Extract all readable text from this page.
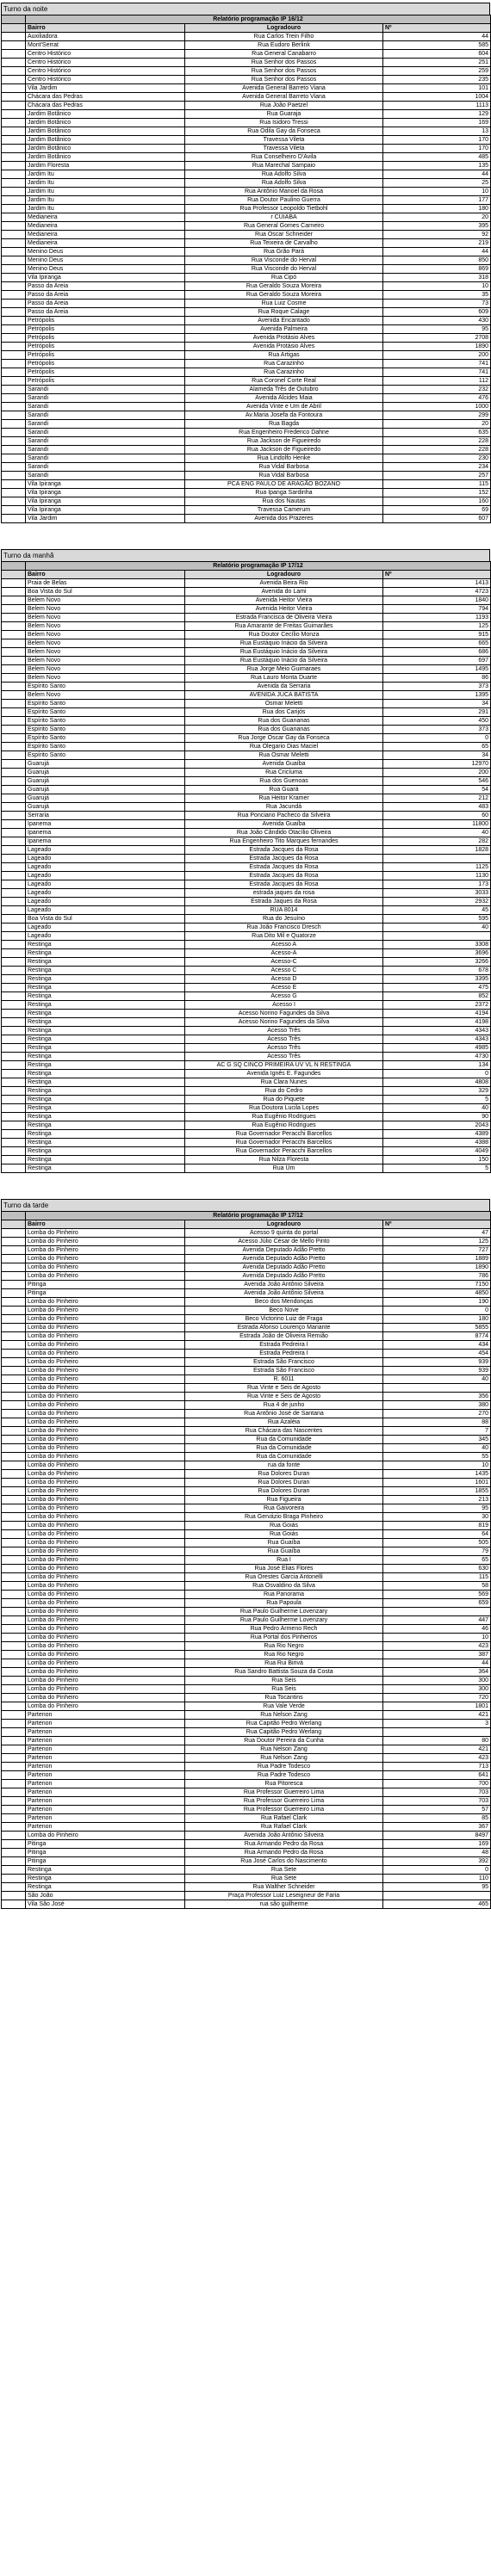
Turno da noite
	Relatório programação IP 16/12		
	Bairro	Logradouro	Nº
	Auxiliadora	Rua Carlos Trein Filho	44
	Mont'Serrat	Rua Eudoro Berlink	585
	Centro Histórico	Rua General Canabarro	604
	Centro Histórico	Rua Senhor dos Passos	251
	Centro Histórico	Rua Senhor dos Passos	259
	Centro Histórico	Rua Senhor dos Passos	235
	Vila Jardim	Avenida General Barreto Viana	101
	Chácara das Pedras	Avenida General Barreto Viana	1004
	Chácara das Pedras	Rua João Paetzel	1113
	Jardim Botânico	Rua Guaraja	129
	Jardim Botânico	Rua Isidoro Tressi	169
	Jardim Botânico	Rua Odila Gay da Fonseca	13
	Jardim Botânico	Travessa Vileta	170
	Jardim Botânico	Travessa Vileta	170
	Jardim Botânico	Rua Conselheiro D'Avila	485
	Jardim Floresta	Rua Marechal Sampaio	135
	Jardim Itu	Rua Adolfo Silva	44
	Jardim Itu	Rua Adolfo Silva	25
	Jardim Itu	Rua Antônio Manoel da Rosa	10
	Jardim Itu	Rua Doutor Paulino Guerra	177
	Jardim Itu	Rua Professor Leopoldo Tietbohl	180
	Medianeira	r CUIABA	20
	Medianeira	Rua General Gomes Carneiro	395
	Medianeira	Rua Oscar Schneider	92
	Medianeira	Rua Teixeira de Carvalho	219
	Menino Deus	Rua Grão Pará	44
	Menino Deus	Rua Visconde do Herval	850
	Menino Deus	Rua Visconde do Herval	869
	Vila Ipiranga	Rua Cipó	318
	Passo da Areia	Rua Geraldo Souza Moreira	10
	Passo da Areia	Rua Geraldo Souza Moreira	35
	Passo da Areia	Rua Luiz Cosme	73
	Passo da Areia	Rua Roque Calage	609
	Petrópolis	Avenida Encantado	430
	Petrópolis	Avenida Palmeira	95
	Petrópolis	Avenida Protásio Alves	2708
	Petrópolis	Avenida Protásio Alves	1890
	Petrópolis	Rua Artigas	200
	Petrópolis	Rua Carazinho	741
	Petrópolis	Rua Carazinho	741
	Petrópolis	Rua Coronel Corte Real	112
	Sarandi	Alameda Três de Outubro	232
	Sarandi	Avenida Alcides Maia	476
	Sarandi	Avenida Vinte e Um de Abril	1000
	Sarandi	Av.Maria Josefa da Fontoura	299
	Sarandi	Rua Bagda	20
	Sarandi	Rua Engenheiro Frederico Dahne	635
	Sarandi	Rua Jackson de Figueiredo	228
	Sarandi	Rua Jackson de Figueiredo	228
	Sarandi	Rua Lindolfo Henke	230
	Sarandi	Rua Vidal Barbosa	234
	Sarandi	Rua Vidal Barbosa	257
	Vila Ipiranga	PCA ENG PAULO DE ARAGÃO BOZANO	115
	Vila Ipiranga	Rua Ipanga Sardinha	152
	Vila Ipiranga	Rua dos Nautas	160
	Vila Ipiranga	Travessa Camerum	69
	Vila Jardim	Avenida dos Prazeres	607
Turno da manhã
	Relatório programação IP 17/12		
	Bairro	Logradouro	Nº
	Praia de Belas	Avenida Beira Rio	1413
	Boa Vista do Sul	Avenida do Lami	4723
	Belem Novo	Avenida Heitor Vieira	1840
	Belem Novo	Avenida Heitor Vieira	794
	Belem Novo	Estrada Francisca de Oliveira Vieira	1193
	Belem Novo	Rua Amarante de Freitas Guimarães	125
	Belem Novo	Rua Doutor Cecílio Monza	915
	Belem Novo	Rua Eustáquio Inácio da Silveira	665
	Belem Novo	Rua Eustáquio Inácio da Silveira	686
	Belem Novo	Rua Eustáquio Inácio da Silveira	697
	Belem Novo	Rua Jorge Meio Guimaraes	1495
	Belem Novo	Rua Lauro Monta Duarte	86
	Espírito Santo	Avenida da Serraria	373
	Belem Novo	AVENIDA JUCA BATISTA	1395
	Espírito Santo	Osmar Meletti	34
	Espírito Santo	Rua dos Carijós	291
	Espírito Santo	Rua dos Guananas	450
	Espírito Santo	Rua dos Guananas	373
	Espírito Santo	Rua Jorge Oscar Gay da Fonseca	0
	Espírito Santo	Rua Olegario Dias Maciel	65
	Espírito Santo	Rua Osmar Meletti	34
	Guarujá	Avenida Guaíba	12970
	Guarujá	Rua Cricíuma	200
	Guarujá	Rua dos Guenoas	546
	Guarujá	Rua Guará	54
	Guarujá	Rua Heitor Kramer	212
	Guarujá	Rua Jacundá	483
	Serraria	Rua Ponciano Pacheco da Silveira	60
	Ipanema	Avenida Guaíba	11800
	Ipanema	Rua João Cândido Otacílio Oliveira	40
	Ipanema	Rua Engenheiro Tito Marques fernandes	282
	Lageado	Estrada Jacques da Rosa	1828
	Lageado	Estrada Jacques da Rosa	
	Lageado	Estrada Jacques da Rosa	1125
	Lageado	Estrada Jacques da Rosa	1130
	Lageado	Estrada Jacques da Rosa	173
	Lageado	estrada jaques da rosa	3033
	Lageado	Estrada Jaques da Rosa	2932
	Lageado	RUA 8014	45
	Boa Vista do Sul	Rua do Jesuíno	595
	Lageado	Rua João Francisco Dresch	40
	Lageado	Rua Dito Mil e Quatorze	
	Restinga	Acesso A	3308
	Restinga	Acesso-A	3696
	Restinga	Acesso-C	3266
	Restinga	Acesso C	678
	Restinga	Acesso D	3395
	Restinga	Acesso E	475
	Restinga	Acesso G	852
	Restinga	Acesso I	2372
	Restinga	Acesso Norino Fagundes da Silva	4194
	Restinga	Acesso Norino Fagundes da Silva	4198
	Restinga	Acesso Três	4343
	Restinga	Acesso Três	4343
	Restinga	Acesso Três	4985
	Restinga	Acesso Três	4730
	Restinga	AC G SQ CINCO PRIMEIRA UV VL N RESTINGA	134
	Restinga	Avenida Ignês E. Fagundes	0
	Restinga	Rua Clara Nunes	4808
	Restinga	Rua do Cedro	329
	Restinga	Rua do Piquete	5
	Restinga	Rua Doutora Lucila Lopes	40
	Restinga	Rua Eugênio Rodrigues	90
	Restinga	Rua Eugênio Rodrigues	2043
	Restinga	Rua Governador Peracchi Barcellos	4389
	Restinga	Rua Governador Peracchi Barcellos	4388
	Restinga	Rua Governador Peracchi Barcellos	4049
	Restinga	Rua Nilza Floresta	150
	Restinga	Rua Um	5
Turno da tarde
	Relatório programação IP 17/12		
	Bairro	Logradouro	Nº
	Lomba do Pinheiro	Acesso 9 quinta do portal	47
	Lomba do Pinheiro	Acesso Júlio César de Mello Pinto	125
	Lomba do Pinheiro	Avenida Deputado Adão Pretto	727
	Lomba do Pinheiro	Avenida Deputado Adão Pretto	1889
	Lomba do Pinheiro	Avenida Deputado Adão Pretto	1890
	Lomba do Pinheiro	Avenida Deputado Adão Pretto	786
	Pitinga	Avenida João Antônio Silveira	7150
	Pitinga	Avenida João Antônio Silveira	4850
	Lomba do Pinheiro	Beco dos Mendonças	190
	Lomba do Pinheiro	Beco Nove	0
	Lomba do Pinheiro	Beco Victorino Luiz de Fraga	180
	Lomba do Pinheiro	Estrada Afonso Lourenço Mariante	5855
	Lomba do Pinheiro	Estrada João de Oliveira Remião	8774
	Lomba do Pinheiro	Estrada Pedreira I	434
	Lomba do Pinheiro	Estrada Pedreira I	454
	Lomba do Pinheiro	Estrada São Francisco	939
	Lomba do Pinheiro	Estrada São Francisco	939
	Lomba do Pinheiro	R. 6011	40
	Lomba do Pinheiro	Rua Vinte e Seis de Agosto	
	Lomba do Pinheiro	Rua Vinte e Seis de Agosto	356
	Lomba do Pinheiro	Rua 4 de junho	380
	Lomba do Pinheiro	Rua Antônio José de Santana	270
	Lomba do Pinheiro	Rua Azaléia	88
	Lomba do Pinheiro	Rua Chácara das Nascentes	7
	Lomba do Pinheiro	Rua da Comunidade	345
	Lomba do Pinheiro	Rua da Comunidade	40
	Lomba do Pinheiro	Rua da Comunidade	55
	Lomba do Pinheiro	rua da fonte	10
	Lomba do Pinheiro	Rua Dolores Duran	1435
	Lomba do Pinheiro	Rua Dolores Duran	1601
	Lomba do Pinheiro	Rua Dolores Duran	1855
	Lomba do Pinheiro	Rua Figueira	213
	Lomba do Pinheiro	Rua Gaivoreira	95
	Lomba do Pinheiro	Rua Gervázio Braga Pinheiro	30
	Lomba do Pinheiro	Rua Goiás	819
	Lomba do Pinheiro	Rua Goiás	64
	Lomba do Pinheiro	Rua Guaíba	505
	Lomba do Pinheiro	Rua Guaíba	79
	Lomba do Pinheiro	Rua I	65
	Lomba do Pinheiro	Rua José Elias Flores	630
	Lomba do Pinheiro	Rua Orestes Garcia Antonelli	115
	Lomba do Pinheiro	Rua Osvaldino da Silva	58
	Lomba do Pinheiro	Rua Panorama	569
	Lomba do Pinheiro	Rua Papoula	659
	Lomba do Pinheiro	Rua Paulo Guilherme Lovenzary	
	Lomba do Pinheiro	Rua Paulo Guilherme Lovenzary	447
	Lomba do Pinheiro	Rua Pedro Armeno Rech	46
	Lomba do Pinheiro	Rua Portal dos Pinheiros	10
	Lomba do Pinheiro	Rua Rio Negro	423
	Lomba do Pinheiro	Rua Rio Negro	387
	Lomba do Pinheiro	Rua Rui Birivá	44
	Lomba do Pinheiro	Rua Sandro Battista Souza da Costa	364
	Lomba do Pinheiro	Rua Seis	300
	Lomba do Pinheiro	Rua Seis	300
	Lomba do Pinheiro	Rua Tocantins	720
	Lomba do Pinheiro	Rua Vale Verde	1801
	Partenon	Rua Nelson Zang	421
	Partenon	Rua Capitão Pedro Werlang	3
	Partenon	Rua Capitão Pedro Werlang	
	Partenon	Rua Doutor Pereira da Cunha	80
	Partenon	Rua Nelson Zang	421
	Partenon	Rua Nelson Zang	423
	Partenon	Rua Padre Todesco	713
	Partenon	Rua Padre Todesco	641
	Partenon	Rua Pitoresca	700
	Partenon	Rua Professor Guerreiro Lima	703
	Partenon	Rua Professor Guerreiro Lima	703
	Partenon	Rua Professor Guerreiro Lima	57
	Partenon	Rua Rafael Clark	85
	Partenon	Rua Rafael Clark	367
	Lomba do Pinheiro	Avenida João Antônio Silveira	8497
	Pitinga	Rua Armando Pedro da Rosa	169
	Pitinga	Rua Armando Pedro da Rosa	48
	Pitinga	Rua José Carlos do Nascimento	392
	Restinga	Rua Sete	0
	Restinga	Rua Sete	110
	Restinga	Rua Walther Schneider	95
	São João	Praça Professor Luiz Leseigneur de Faria	
	Vila São José	rua são guilherme	465
